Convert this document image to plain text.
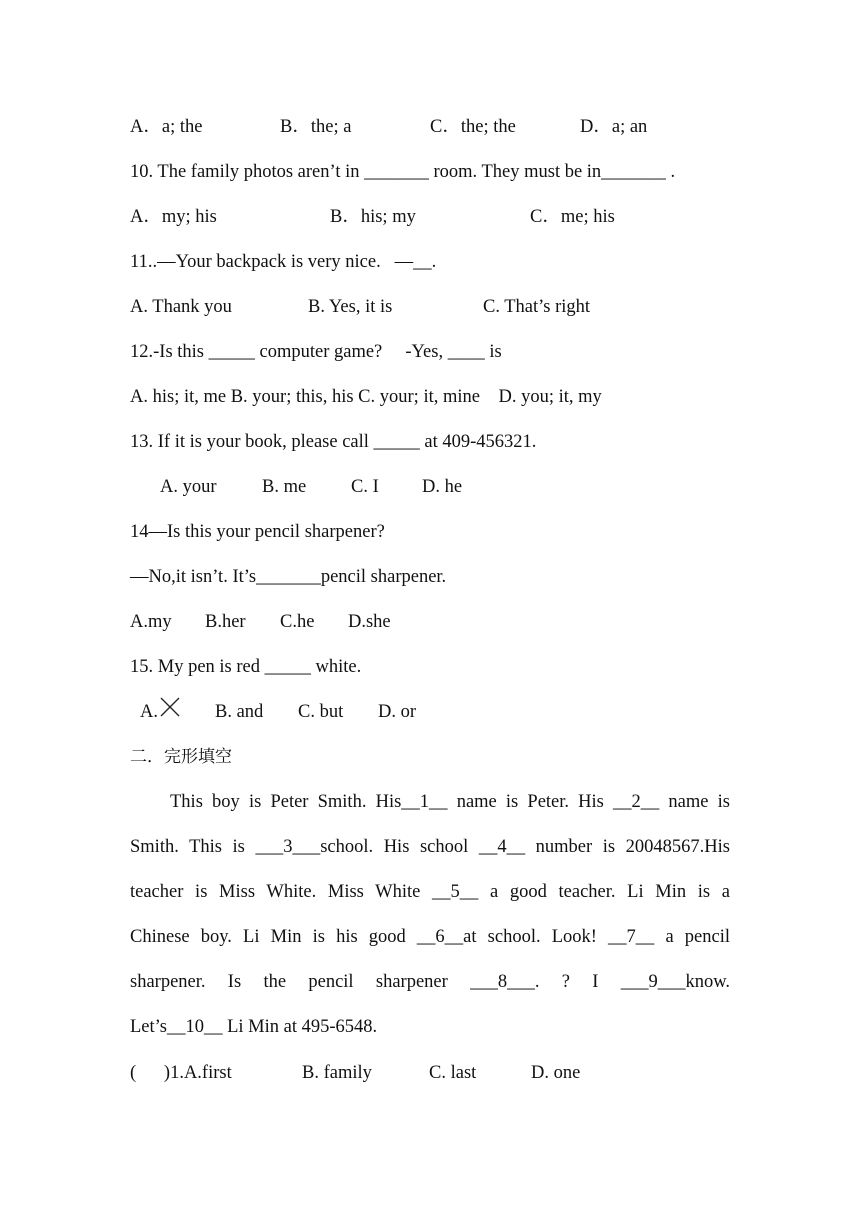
A．a; the	B．the; a	C．the; the	D．a; an
10. The family photos aren’t in _______ room. They must be in_______ .
A．my; his	B．his; my	C．me; his
11..—Your backpack is very nice.   —__.
A. Thank you	B. Yes, it is	C. That’s right
12.-Is this _____ computer game?     -Yes, ____ is
A. his; it, me B. your; this, his C. your; it, mine    D. you; it, my
13. If it is your book, please call _____ at 409-456321.
A. your B. me C. I D. he
14—Is this your pencil sharpener?
—No,it isn’t. It’s_______pencil sharpener.
A.my B.her C.he D.she
15. My pen is red _____ white.
A.	B. and C. but D. or
二．完形填空
This boy is Peter Smith. His__1__ name is Peter. His __2__ name is
Smith. This is ___3___school. His school __4__ number is 20048567.His
teacher is Miss White. Miss White __5__ a good teacher. Li Min is a
Chinese boy. Li Min is his good __6__at school. Look! __7__ a pencil
sharpener. Is the pencil sharpener ___8___. ? I ___9___know.
Let’s__10__ Li Min at 495-6548.
(      )1.A.first	B. family	C. last	D. one
